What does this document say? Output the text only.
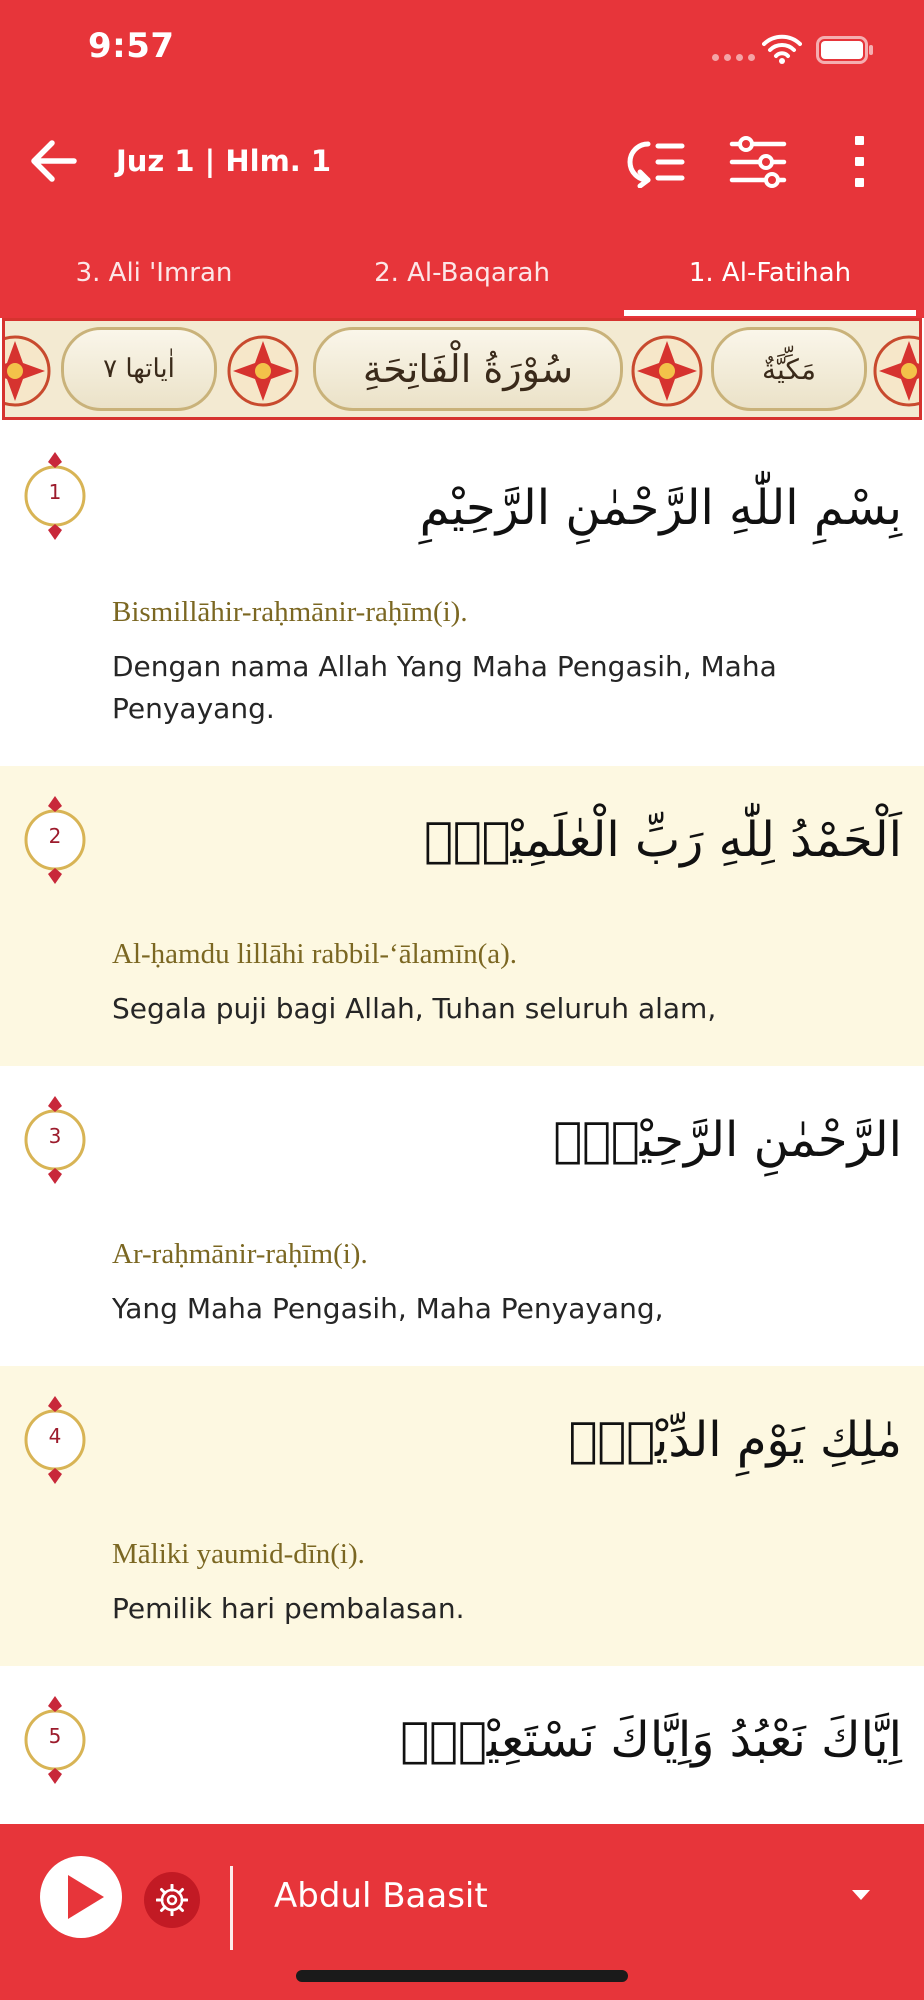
9:57
Juz 1 | Hlm. 1
3. Ali 'Imran	2. Al-Baqarah	1. Al-Fatihah
اٰياتها ٧	سُوْرَةُ الْفَاتِحَةِ	مَكِّيَّةٌ
1	بِسْمِ اللّٰهِ الرَّحْمٰنِ الرَّحِيْمِ
Bismillāhir-raḥmānir-raḥīm(i).
Dengan nama Allah Yang Maha Pengasih, Maha Penyayang.
2	اَلْحَمْدُ لِلّٰهِ رَبِّ الْعٰلَمِيْنَۙ
Al-ḥamdu lillāhi rabbil-‘ālamīn(a).
Segala puji bagi Allah, Tuhan seluruh alam,
3	الرَّحْمٰنِ الرَّحِيْمِۙ
Ar-raḥmānir-raḥīm(i).
Yang Maha Pengasih, Maha Penyayang,
4	مٰلِكِ يَوْمِ الدِّيْنِۗ
Māliki yaumid-dīn(i).
Pemilik hari pembalasan.
5	اِيَّاكَ نَعْبُدُ وَاِيَّاكَ نَسْتَعِيْنُۗ
Abdul Baasit
